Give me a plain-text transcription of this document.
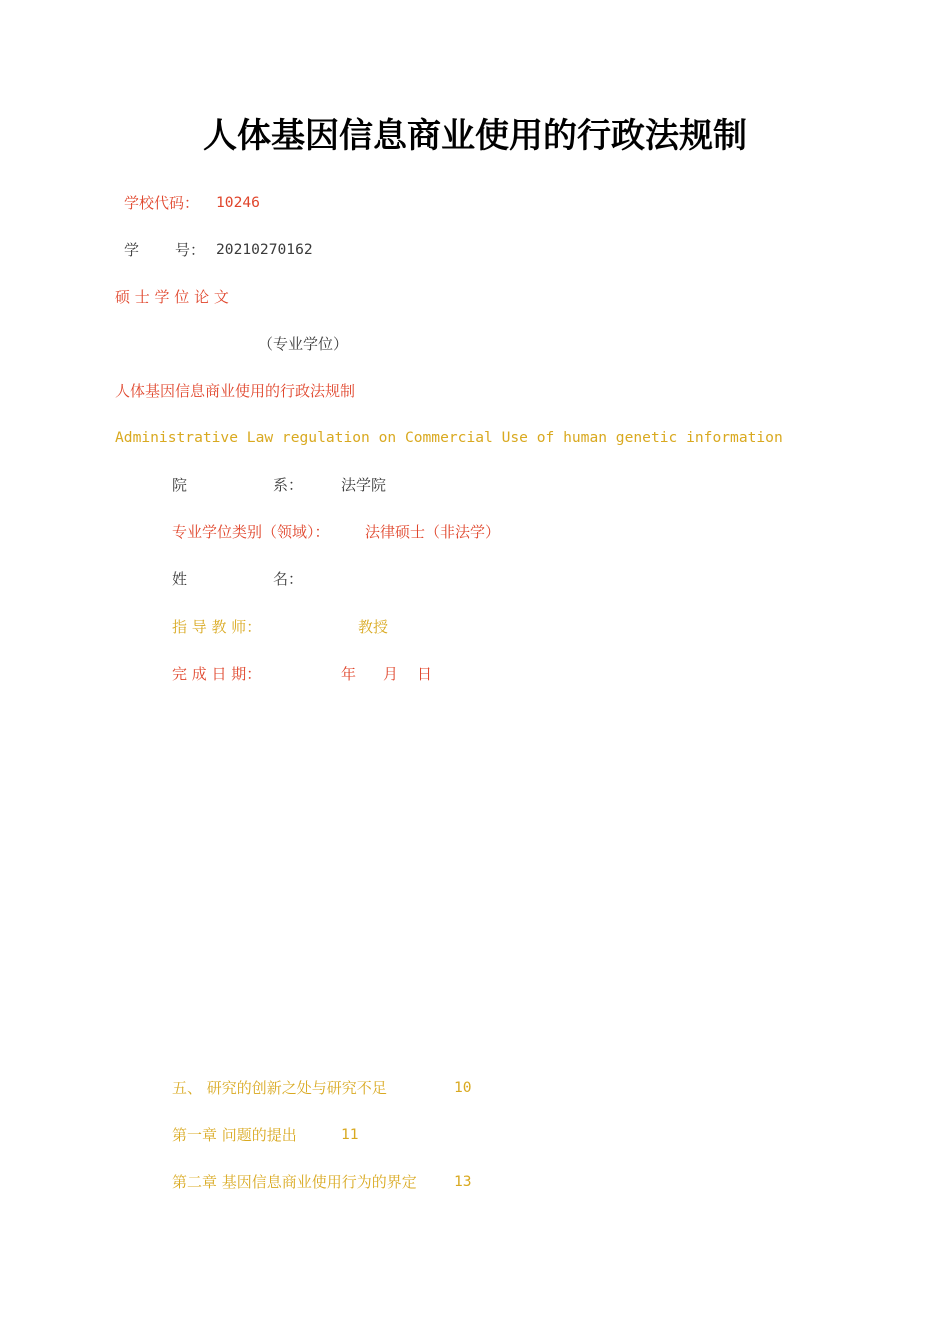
人体基因信息商业使用的行政法规制
学校代码： 10246
学 号： 20210270162
硕 士 学 位 论 文
（专业学位）
人体基因信息商业使用的行政法规制
Administrative Law regulation on Commercial Use of human genetic information
院	系：	法学院
专业学位类别（领域）： 法律硕士（非法学）
姓	名：
指 导 教 师：	教授
完 成 日 期：	年 月 日
五、 研究的创新之处与研究不足	10
第一章 问题的提出	11
第二章 基因信息商业使用行为的界定	13
